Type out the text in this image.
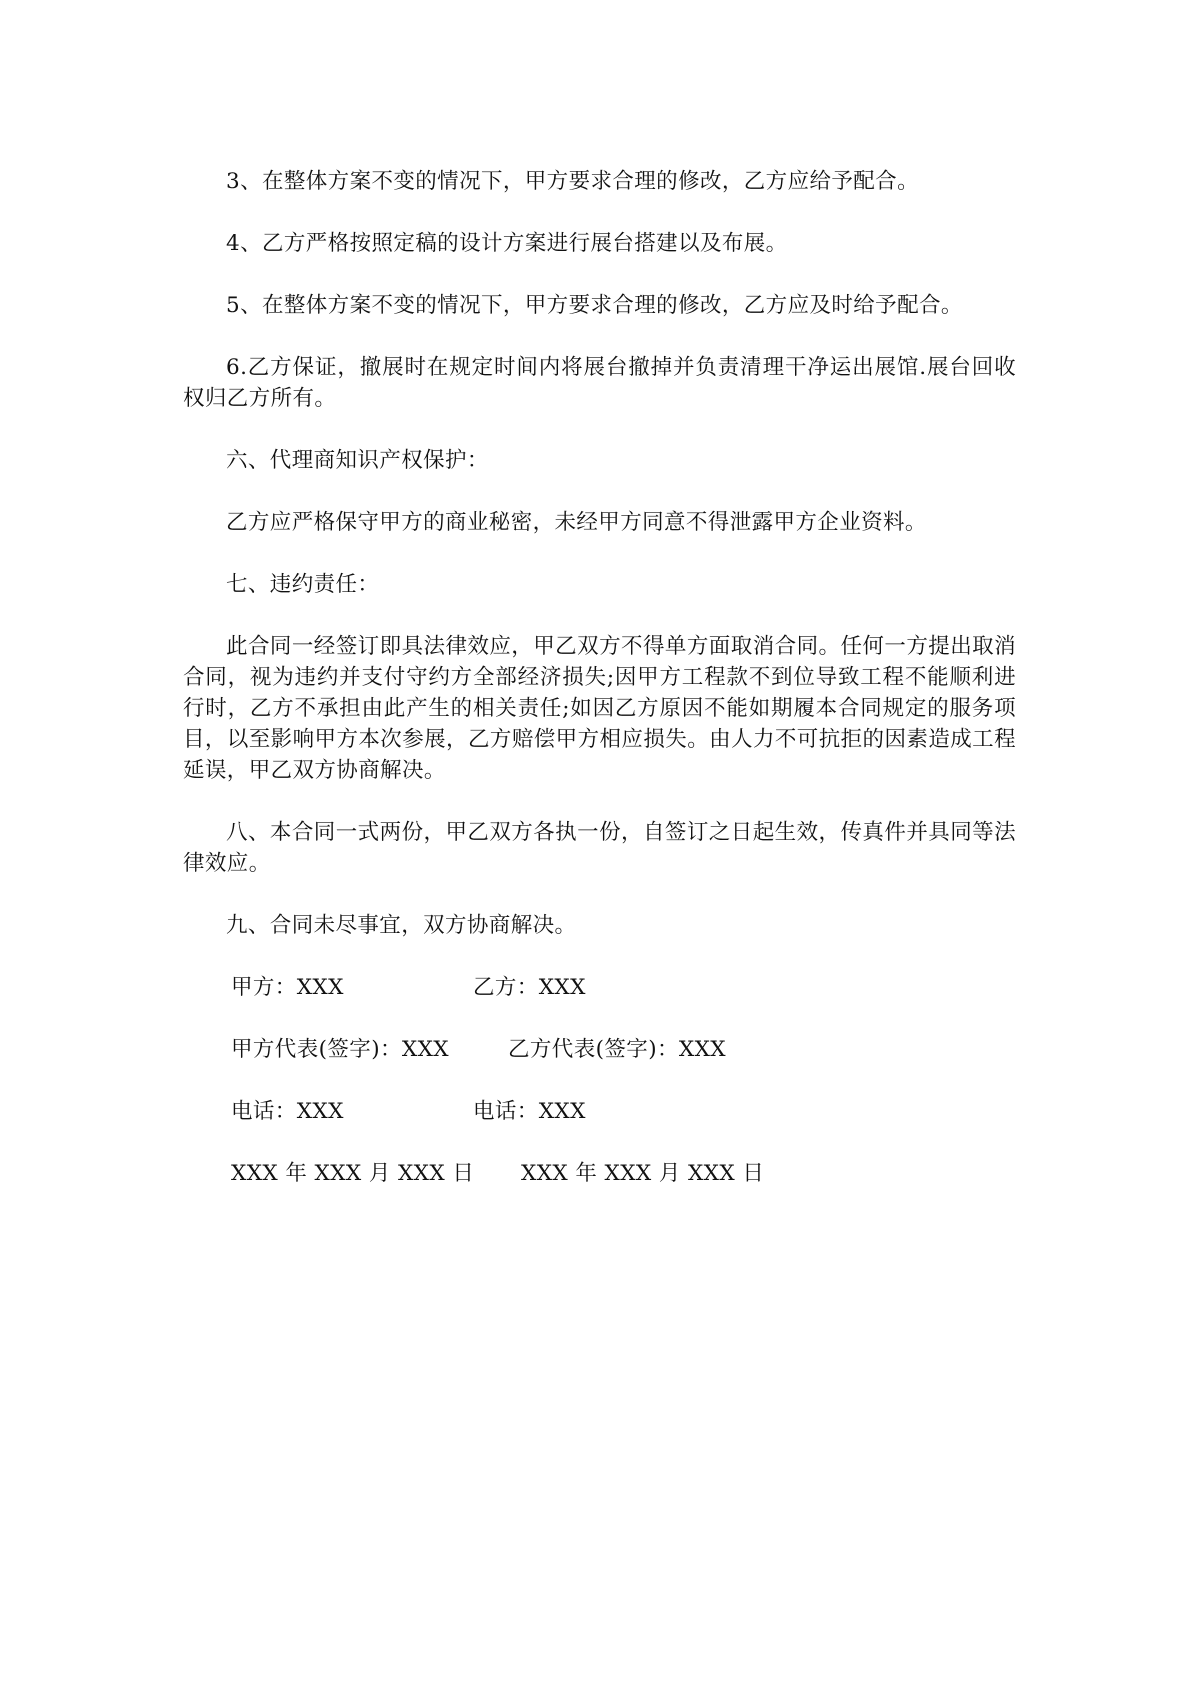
3、在整体方案不变的情况下，甲方要求合理的修改，乙方应给予配合。

4、乙方严格按照定稿的设计方案进行展台搭建以及布展。

5、在整体方案不变的情况下，甲方要求合理的修改，乙方应及时给予配合。

6.乙方保证，撤展时在规定时间内将展台撤掉并负责清理干净运出展馆.展台回收权归乙方所有。

六、代理商知识产权保护：

乙方应严格保守甲方的商业秘密，未经甲方同意不得泄露甲方企业资料。

七、违约责任：

此合同一经签订即具法律效应，甲乙双方不得单方面取消合同。任何一方提出取消合同，视为违约并支付守约方全部经济损失;因甲方工程款不到位导致工程不能顺利进行时，乙方不承担由此产生的相关责任;如因乙方原因不能如期履本合同规定的服务项目，以至影响甲方本次参展，乙方赔偿甲方相应损失。由人力不可抗拒的因素造成工程延误，甲乙双方协商解决。

八、本合同一式两份，甲乙双方各执一份，自签订之日起生效，传真件并具同等法律效应。

九、合同未尽事宜，双方协商解决。

甲方：XXX	乙方：XXX
甲方代表(签字)：XXX	乙方代表(签字)：XXX
电话：XXX	电话：XXX
XXX 年 XXX 月 XXX 日 XXX 年 XXX 月 XXX 日
